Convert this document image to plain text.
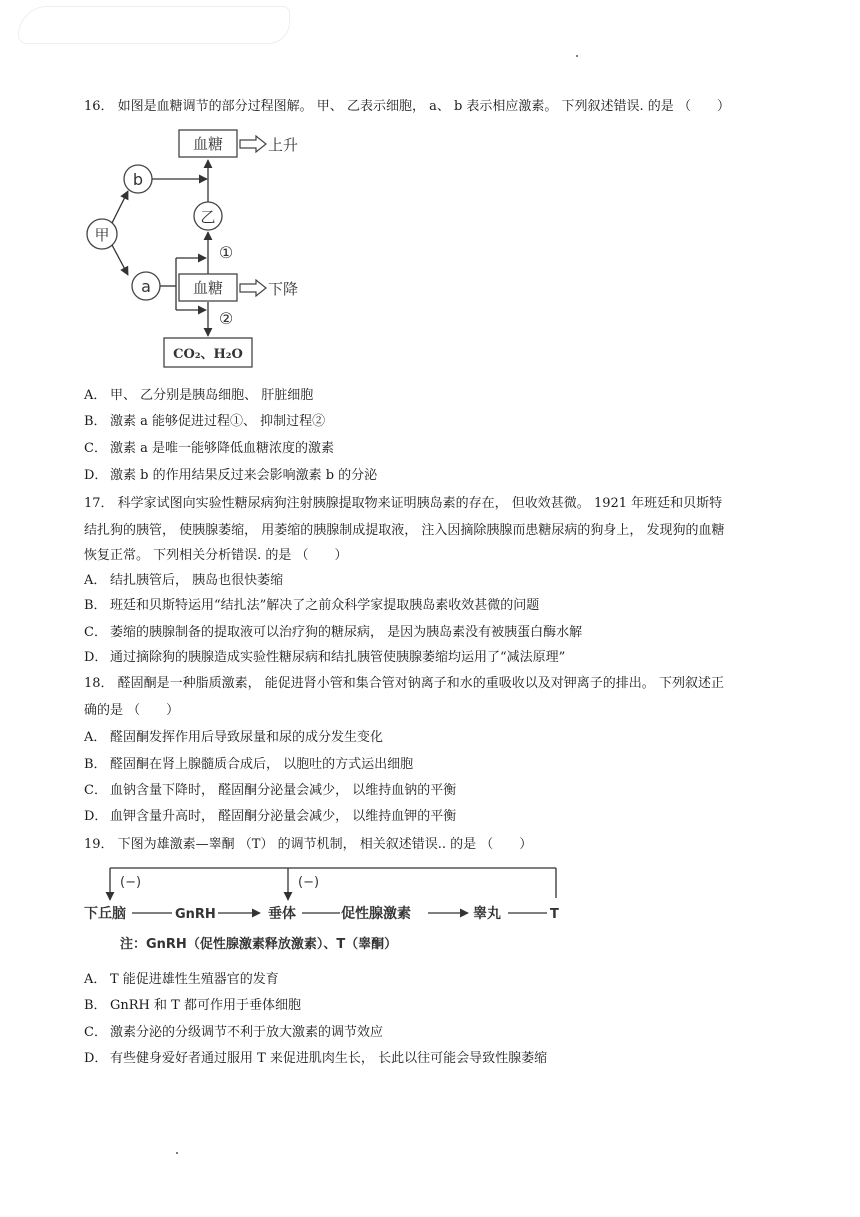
16． 如图是血糖调节的部分过程图解。 甲、 乙表示细胞， a、 b 表示相应激素。 下列叙述错误. 的是 （　　）
血糖	上升
b
乙
甲
a
①
血糖	下降
②
CO₂、H₂O
A． 甲、 乙分别是胰岛细胞、 肝脏细胞
B． 激素 a 能够促进过程①、 抑制过程②
C． 激素 a 是唯一能够降低血糖浓度的激素
D． 激素 b 的作用结果反过来会影响激素 b 的分泌
17． 科学家试图向实验性糖尿病狗注射胰腺提取物来证明胰岛素的存在， 但收效甚微。 1921 年班廷和贝斯特
结扎狗的胰管， 使胰腺萎缩， 用萎缩的胰腺制成提取液， 注入因摘除胰腺而患糖尿病的狗身上， 发现狗的血糖
恢复正常。 下列相关分析错误. 的是 （　　）
A． 结扎胰管后， 胰岛也很快萎缩
B． 班廷和贝斯特运用“结扎法”解决了之前众科学家提取胰岛素收效甚微的问题
C． 萎缩的胰腺制备的提取液可以治疗狗的糖尿病， 是因为胰岛素没有被胰蛋白酶水解
D． 通过摘除狗的胰腺造成实验性糖尿病和结扎胰管使胰腺萎缩均运用了“减法原理”
18． 醛固酮是一种脂质激素， 能促进肾小管和集合管对钠离子和水的重吸收以及对钾离子的排出。 下列叙述正
确的是 （　　）
A． 醛固酮发挥作用后导致尿量和尿的成分发生变化
B． 醛固酮在肾上腺髓质合成后， 以胞吐的方式运出细胞
C． 血钠含量下降时， 醛固酮分泌量会减少， 以维持血钠的平衡
D． 血钾含量升高时， 醛固酮分泌量会减少， 以维持血钾的平衡
19． 下图为雄激素—睾酮 （T） 的调节机制， 相关叙述错误.. 的是 （　　）
(−)	(−)
下丘脑	GnRH	垂体	促性腺激素	睾丸	T
注：GnRH（促性腺激素释放激素）、T（睾酮）
A． T 能促进雄性生殖器官的发育
B． GnRH 和 T 都可作用于垂体细胞
C． 激素分泌的分级调节不利于放大激素的调节效应
D． 有些健身爱好者通过服用 T 来促进肌肉生长， 长此以往可能会导致性腺萎缩
